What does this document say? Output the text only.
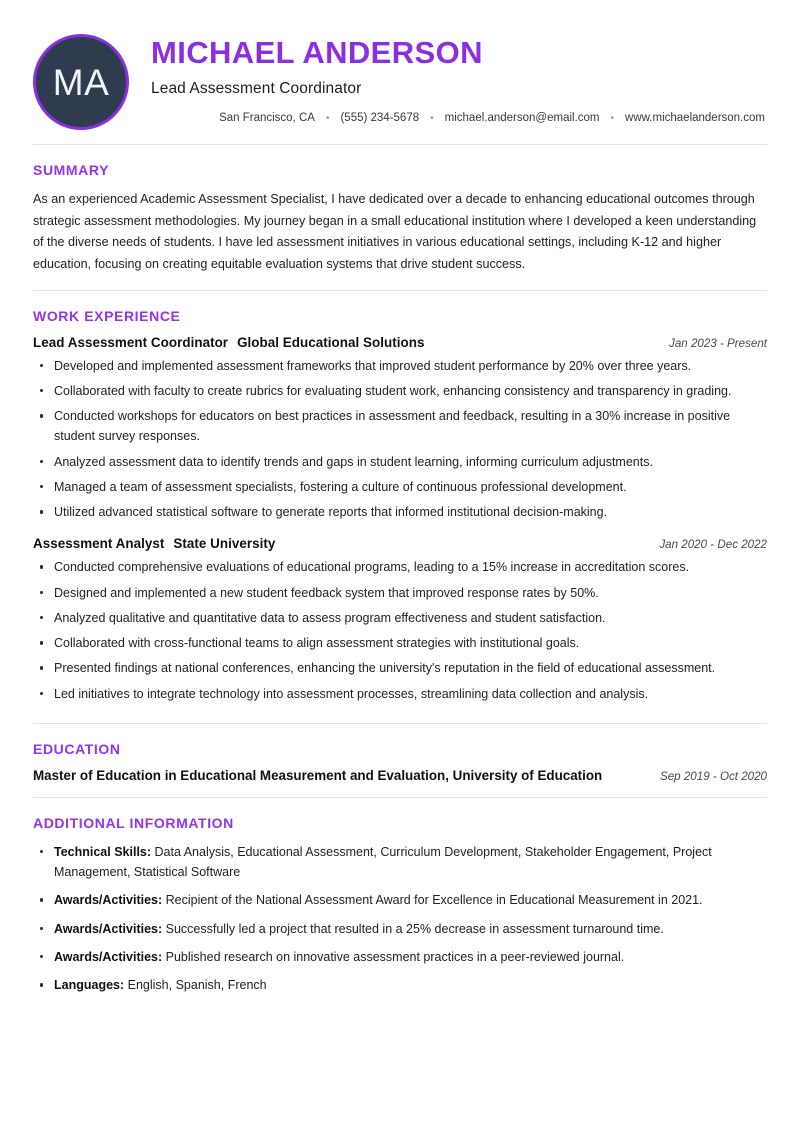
MA
MICHAEL ANDERSON
Lead Assessment Coordinator
San Francisco, CA • (555) 234-5678 • michael.anderson@email.com • www.michaelanderson.com
SUMMARY

As an experienced Academic Assessment Specialist, I have dedicated over a decade to enhancing educational outcomes through strategic assessment methodologies. My journey began in a small educational institution where I developed a keen understanding of the diverse needs of students. I have led assessment initiatives in various educational settings, including K-12 and higher education, focusing on creating equitable evaluation systems that drive student success.

WORK EXPERIENCE
Lead Assessment Coordinator Global Educational Solutions	Jan 2023 - Present
Developed and implemented assessment frameworks that improved student performance by 20% over three years.
Collaborated with faculty to create rubrics for evaluating student work, enhancing consistency and transparency in grading.
Conducted workshops for educators on best practices in assessment and feedback, resulting in a 30% increase in positive student survey responses.
Analyzed assessment data to identify trends and gaps in student learning, informing curriculum adjustments.
Managed a team of assessment specialists, fostering a culture of continuous professional development.
Utilized advanced statistical software to generate reports that informed institutional decision-making.
Assessment Analyst State University	Jan 2020 - Dec 2022
Conducted comprehensive evaluations of educational programs, leading to a 15% increase in accreditation scores.
Designed and implemented a new student feedback system that improved response rates by 50%.
Analyzed qualitative and quantitative data to assess program effectiveness and student satisfaction.
Collaborated with cross-functional teams to align assessment strategies with institutional goals.
Presented findings at national conferences, enhancing the university's reputation in the field of educational assessment.
Led initiatives to integrate technology into assessment processes, streamlining data collection and analysis.
EDUCATION
Master of Education in Educational Measurement and Evaluation, University of Education	Sep 2019 - Oct 2020
ADDITIONAL INFORMATION
Technical Skills: Data Analysis, Educational Assessment, Curriculum Development, Stakeholder Engagement, Project Management, Statistical Software
Awards/Activities: Recipient of the National Assessment Award for Excellence in Educational Measurement in 2021.
Awards/Activities: Successfully led a project that resulted in a 25% decrease in assessment turnaround time.
Awards/Activities: Published research on innovative assessment practices in a peer-reviewed journal.
Languages: English, Spanish, French
